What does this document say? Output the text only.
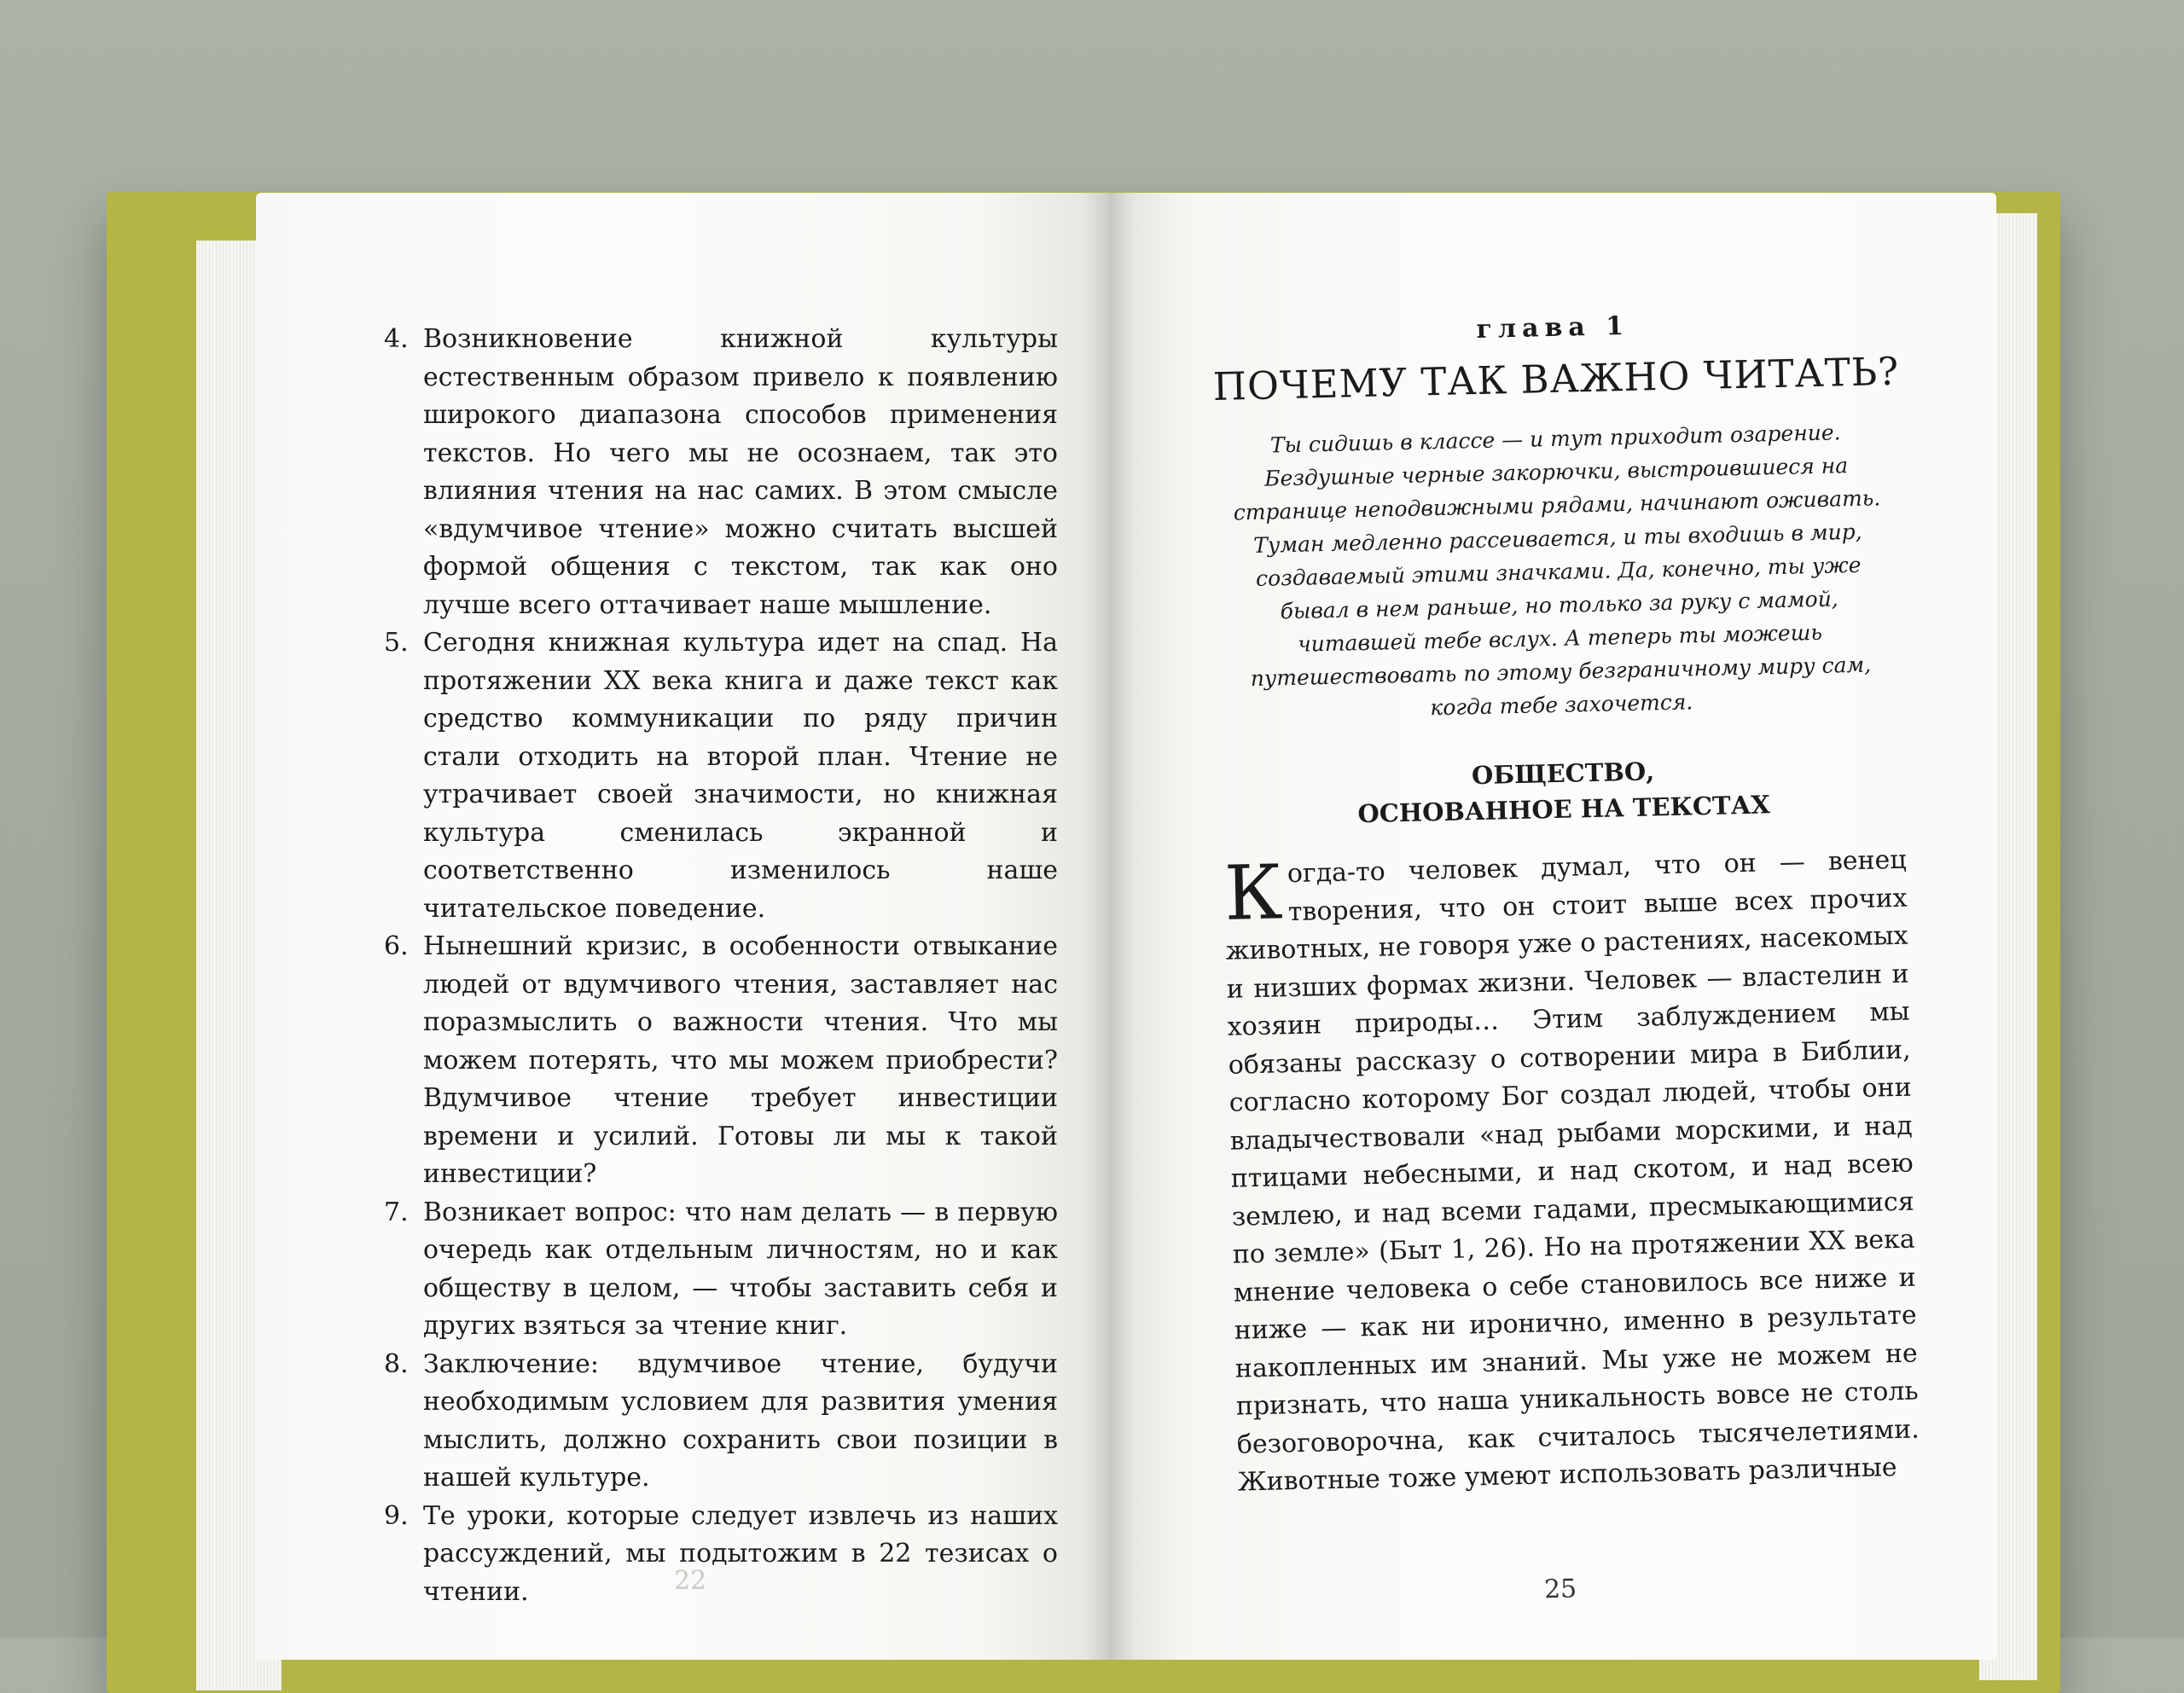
4. Возникновение книжной культуры естественным образом привело к появлению широкого диапазона способов применения текстов. Но чего мы не осознаем, так это влияния чтения на нас самих. В этом смысле «вдумчивое чтение» можно считать высшей формой общения с текстом, так как оно лучше всего оттачивает наше мышление.
5. Сегодня книжная культура идет на спад. На протяжении XX века книга и даже текст как средство коммуникации по ряду причин стали отходить на второй план. Чтение не утрачивает своей значимости, но книжная культура сменилась экранной и соответственно изменилось наше читательское поведение.
6. Нынешний кризис, в особенности отвыкание людей от вдумчивого чтения, заставляет нас поразмыслить о важности чтения. Что мы можем потерять, что мы можем приобрести? Вдумчивое чтение требует инвестиции времени и усилий. Готовы ли мы к такой инвестиции?
7. Возникает вопрос: что нам делать — в первую очередь как отдельным личностям, но и как обществу в целом, — чтобы заставить себя и других взяться за чтение книг.
8. Заключение: вдумчивое чтение, будучи необходимым условием для развития умения мыслить, должно сохранить свои позиции в нашей культуре.
9. Те уроки, которые следует извлечь из наших рассуждений, мы подытожим в 22 тезисах о чтении.	22
глава 1
ПОЧЕМУ ТАК ВАЖНО ЧИТАТЬ?
Ты сидишь в классе — и тут приходит озарение. Бездушные черные закорючки, выстроившиеся на странице неподвижными рядами, начинают оживать. Туман медленно рассеивается, и ты входишь в мир, создаваемый этими значками. Да, конечно, ты уже бывал в нем раньше, но только за руку с мамой, читавшей тебе вслух. А теперь ты можешь путешествовать по этому безграничному миру сам, когда тебе захочется.
ОБЩЕСТВО,
ОСНОВАННОЕ НА ТЕКСТАХ

Когда-то человек думал, что он — венец творения, что он стоит выше всех прочих животных, не говоря уже о растениях, насекомых и низших формах жизни. Человек — властелин и хозяин природы… Этим заблуждением мы обязаны рассказу о сотворении мира в Библии, согласно которому Бог создал людей, чтобы они владычествовали «над рыбами морскими, и над птицами небесными, и над скотом, и над всею землею, и над всеми гадами, пресмыкающимися по земле» (Быт 1, 26). Но на протяжении XX века мнение человека о себе становилось все ниже и ниже — как ни иронично, именно в результате накопленных им знаний. Мы уже не можем не признать, что наша уникальность вовсе не столь безоговорочна, как считалось тысячелетиями. Животные тоже умеют использовать различные

25
